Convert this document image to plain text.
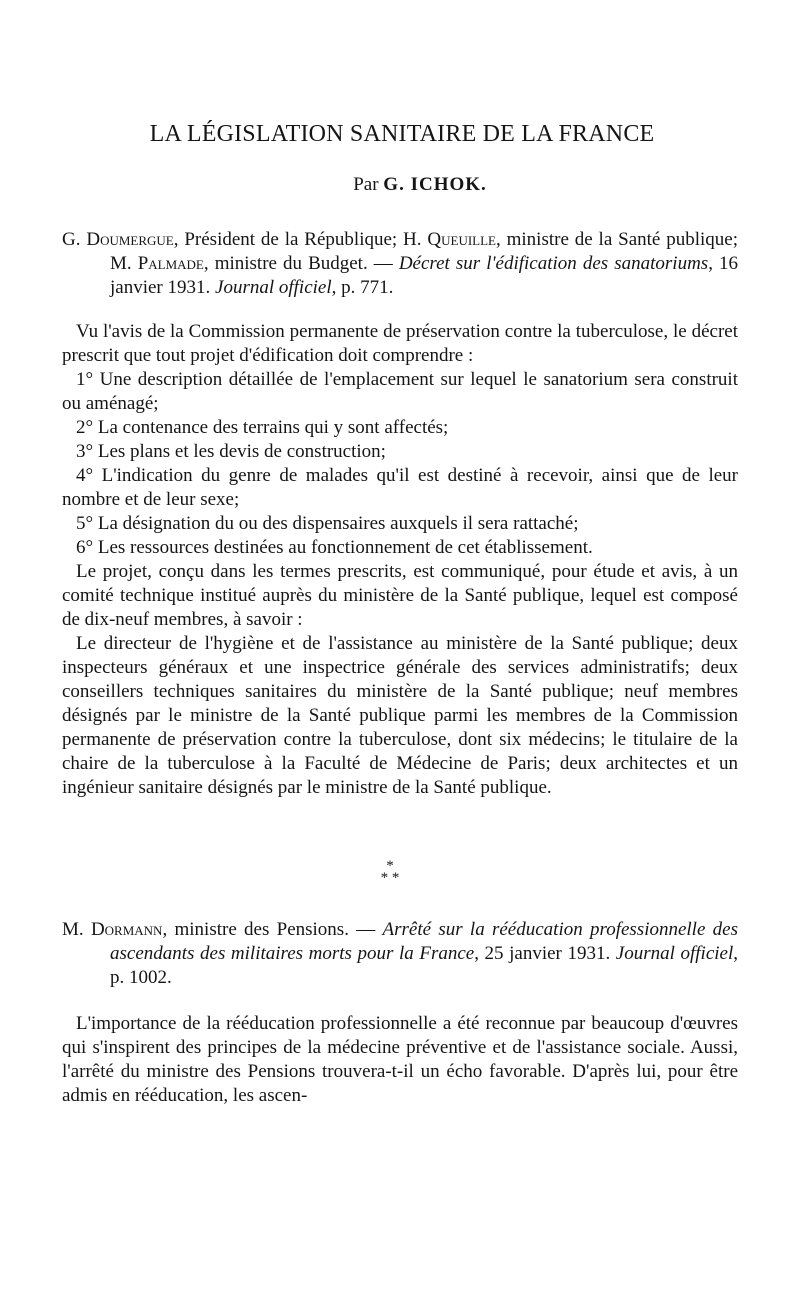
LA LÉGISLATION SANITAIRE DE LA FRANCE
Par G. ICHOK.

G. Doumergue, Président de la République; H. Queuille, ministre de la Santé publique; M. Palmade, ministre du Budget. — Décret sur l'édification des sanatoriums, 16 janvier 1931. Journal officiel, p. 771.

Vu l'avis de la Commission permanente de préservation contre la tuberculose, le décret prescrit que tout projet d'édification doit comprendre :

1° Une description détaillée de l'emplacement sur lequel le sanatorium sera construit ou aménagé;

2° La contenance des terrains qui y sont affectés;

3° Les plans et les devis de construction;

4° L'indication du genre de malades qu'il est destiné à recevoir, ainsi que de leur nombre et de leur sexe;

5° La désignation du ou des dispensaires auxquels il sera rattaché;

6° Les ressources destinées au fonctionnement de cet établissement.

Le projet, conçu dans les termes prescrits, est communiqué, pour étude et avis, à un comité technique institué auprès du ministère de la Santé publique, lequel est composé de dix-neuf membres, à savoir :

Le directeur de l'hygiène et de l'assistance au ministère de la Santé publique; deux inspecteurs généraux et une inspectrice générale des services administratifs; deux conseillers techniques sanitaires du ministère de la Santé publique; neuf membres désignés par le ministre de la Santé publique parmi les membres de la Commission permanente de préservation contre la tuberculose, dont six médecins; le titulaire de la chaire de la tuberculose à la Faculté de Médecine de Paris; deux architectes et un ingénieur sanitaire désignés par le ministre de la Santé publique.

*
* *

M. Dormann, ministre des Pensions. — Arrêté sur la rééducation professionnelle des ascendants des militaires morts pour la France, 25 janvier 1931. Journal officiel, p. 1002.

L'importance de la rééducation professionnelle a été reconnue par beaucoup d'œuvres qui s'inspirent des principes de la médecine préventive et de l'assistance sociale. Aussi, l'arrêté du ministre des Pensions trouvera-t-il un écho favorable. D'après lui, pour être admis en rééducation, les ascen-
